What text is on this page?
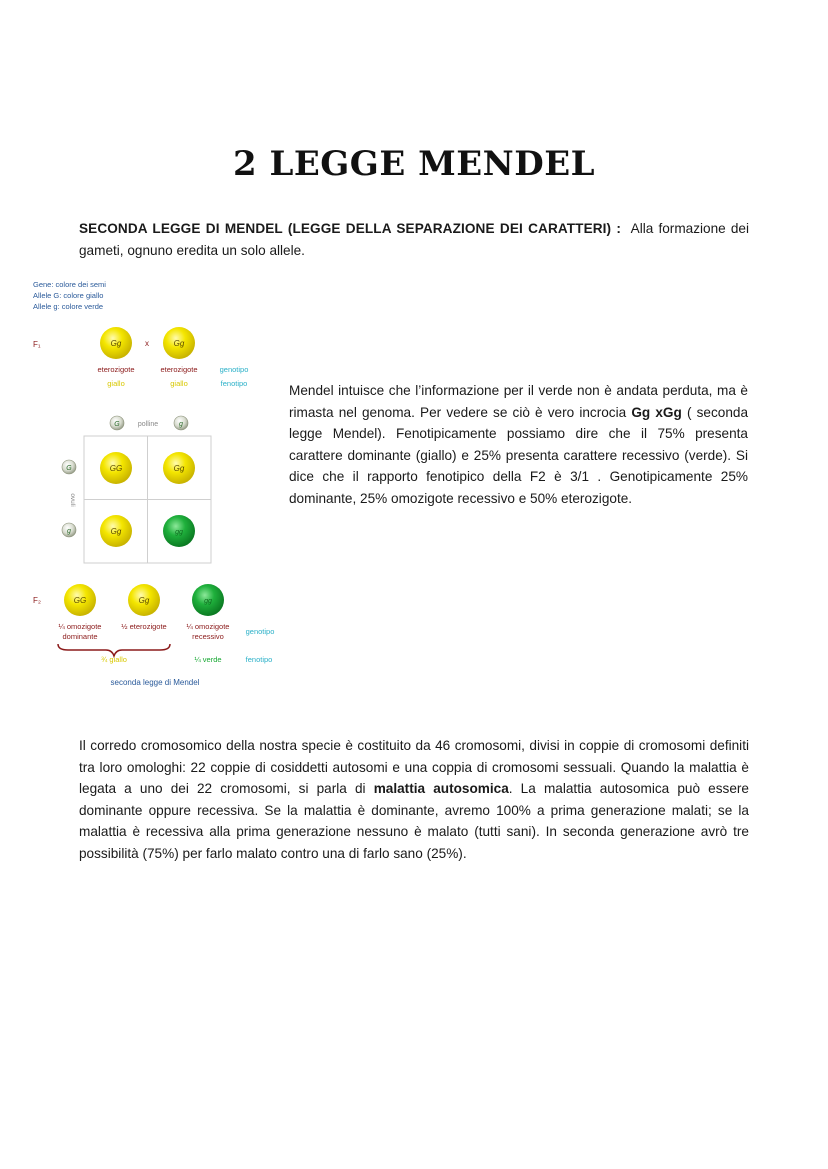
2 LEGGE MENDEL
SECONDA LEGGE DI MENDEL (LEGGE DELLA SEPARAZIONE DEI CARATTERI) : Alla formazione dei gameti, ognuno eredita un solo allele.
Gene: colore dei semi
Allele G: colore giallo
Allele g: colore verde
F₁	Gg	x	Gg
eterozigote	eterozigote	genotipo
giallo	giallo	fenotipo
G	polline	g
G
ovuli
g
GG	Gg
Gg	gg
F₂	GG	Gg	gg
¼ omozigote
dominante
½ eterozigote	¼ omozigote
recessivo
genotipo
¾ giallo	¼ verde	fenotipo
seconda legge di Mendel
Mendel intuisce che l’informazione per il verde non è andata perduta, ma è rimasta nel genoma. Per vedere se ciò è vero incrocia Gg xGg ( seconda legge Mendel). Fenotipicamente possiamo dire che il 75% presenta carattere dominante (giallo) e 25% presenta carattere recessivo (verde). Si dice che il rapporto fenotipico della F2 è 3/1 . Genotipicamente 25% dominante, 25% omozigote recessivo e 50% eterozigote.
Il corredo cromosomico della nostra specie è costituito da 46 cromosomi, divisi in coppie di cromosomi definiti tra loro omologhi: 22 coppie di cosiddetti autosomi e una coppia di cromosomi sessuali. Quando la malattia è legata a uno dei 22 cromosomi, si parla di malattia autosomica. La malattia autosomica può essere dominante oppure recessiva. Se la malattia è dominante, avremo 100% a prima generazione malati; se la malattia è recessiva alla prima generazione nessuno è malato (tutti sani). In seconda generazione avrò tre possibilità (75%) per farlo malato contro una di farlo sano (25%).
